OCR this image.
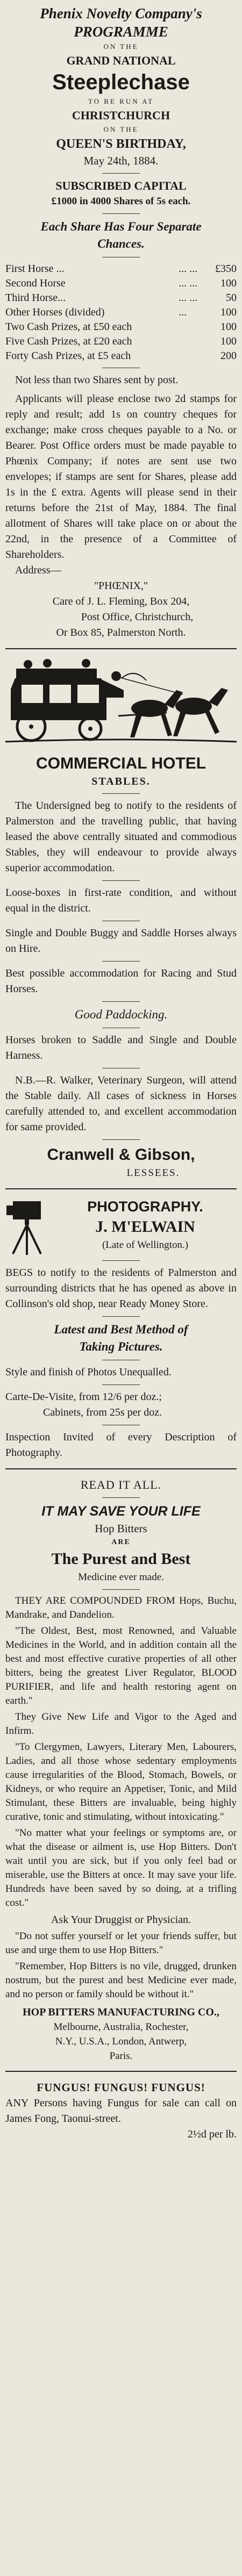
Phenix Novelty Company's
PROGRAMME
ON THE
GRAND NATIONAL
Steeplechase
TO BE RUN AT
CHRISTCHURCH
ON THE
QUEEN'S BIRTHDAY,
May 24th, 1884.
SUBSCRIBED CAPITAL
£1000 in 4000 Shares of 5s each.
Each Share Has Four Separate
Chances.
First Horse ...	... ...	£350
Second Horse	... ...	100
Third Horse...	... ...	50
Other Horses (divided)	...	100
Two Cash Prizes, at £50 each		100
Five Cash Prizes, at £20 each		100
Forty Cash Prizes, at £5 each		200

Not less than two Shares sent by post.

Applicants will please enclose two 2d stamps for reply and result; add 1s on country cheques for exchange; make cross cheques payable to a No. or Bearer. Post Office orders must be made payable to Phœnix Company; if notes are sent use two envelopes; if stamps are sent for Shares, please add 1s in the £ extra. Agents will please send in their returns before the 21st of May, 1884. The final allotment of Shares will take place on or about the 22nd, in the presence of a Committee of Shareholders.

Address—
"PHŒNIX,"
Care of J. L. Fleming, Box 204,
Post Office, Christchurch,
Or Box 85, Palmerston North.
COMMERCIAL HOTEL
STABLES.

The Undersigned beg to notify to the residents of Palmerston and the travelling public, that having leased the above centrally situated and commodious Stables, they will endeavour to provide always superior accommodation.

Loose-boxes in first-rate condition, and without equal in the district.

Single and Double Buggy and Saddle Horses always on Hire.

Best possible accommodation for Racing and Stud Horses.

Good Paddocking.

Horses broken to Saddle and Single and Double Harness.

N.B.—R. Walker, Veterinary Surgeon, will attend the Stable daily. All cases of sickness in Horses carefully attended to, and excellent accommodation for same provided.

Cranwell & Gibson,
LESSEES.
PHOTOGRAPHY.
J. M'ELWAIN
(Late of Wellington.)

BEGS to notify to the residents of Palmerston and surrounding districts that he has opened as above in Collinson's old shop, near Ready Money Store.

Latest and Best Method of
Taking Pictures.

Style and finish of Photos Unequalled.

Carte-De-Visite, from 12/6 per doz.;

Cabinets, from 25s per doz.

Inspection Invited of every Description of Photography.

READ IT ALL.
IT MAY SAVE YOUR LIFE
Hop Bitters
ARE
The Purest and Best
Medicine ever made.

THEY ARE COMPOUNDED FROM Hops, Buchu, Mandrake, and Dandelion.

"The Oldest, Best, most Renowned, and Valuable Medicines in the World, and in addition contain all the best and most effective curative properties of all other bitters, being the greatest Liver Regulator, BLOOD PURIFIER, and life and health restoring agent on earth."

They Give New Life and Vigor to the Aged and Infirm.

"To Clergymen, Lawyers, Literary Men, Labourers, Ladies, and all those whose sedentary employments cause irregularities of the Blood, Stomach, Bowels, or Kidneys, or who require an Appetiser, Tonic, and Mild Stimulant, these Bitters are invaluable, being highly curative, tonic and stimulating, without intoxicating."

"No matter what your feelings or symptoms are, or what the disease or ailment is, use Hop Bitters. Don't wait until you are sick, but if you only feel bad or miserable, use the Bitters at once. It may save your life. Hundreds have been saved by so doing, at a trifling cost."

Ask Your Druggist or Physician.

"Do not suffer yourself or let your friends suffer, but use and urge them to use Hop Bitters."

"Remember, Hop Bitters is no vile, drugged, drunken nostrum, but the purest and best Medicine ever made, and no person or family should be without it."

HOP BITTERS MANUFACTURING CO.,
Melbourne, Australia, Rochester,
N.Y., U.S.A., London, Antwerp,
Paris.
FUNGUS! FUNGUS! FUNGUS!

ANY Persons having Fungus for sale can call on James Fong, Taonui-street.

2½d per lb.
